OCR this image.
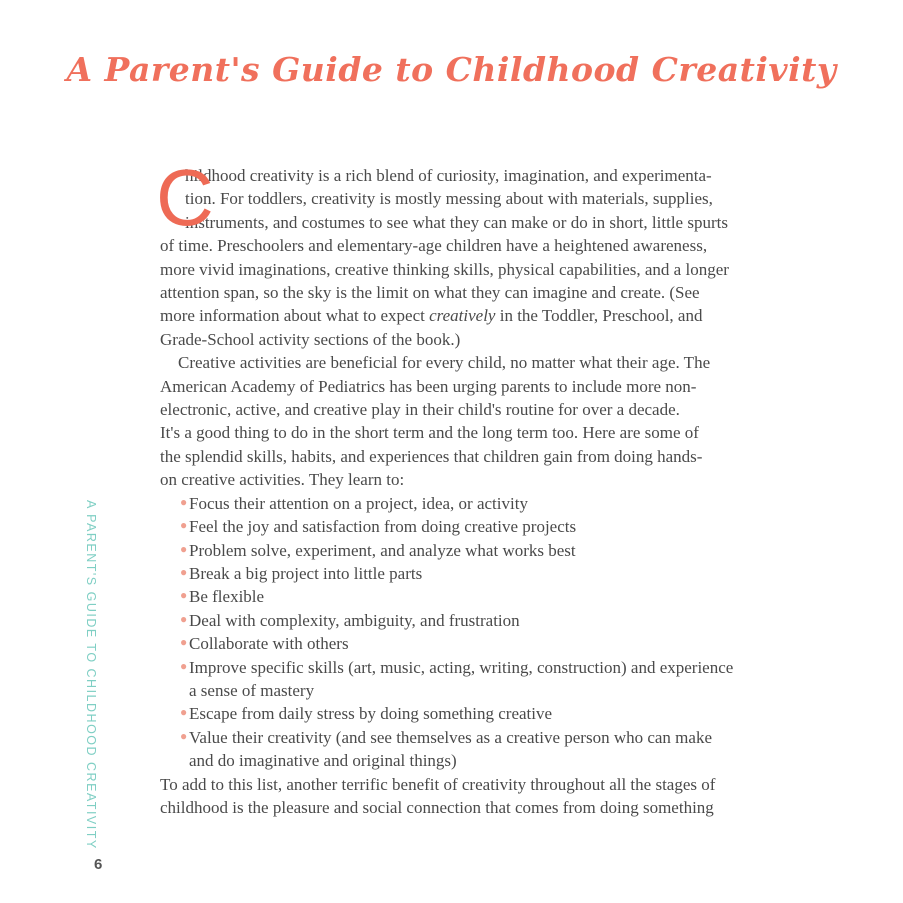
A Parent's Guide to Childhood Creativity
A PARENT'S GUIDE TO CHILDHOOD CREATIVITY
6
C
hildhood creativity is a rich blend of curiosity, imagination, and experimenta-
tion. For toddlers, creativity is mostly messing about with materials, supplies,
instruments, and costumes to see what they can make or do in short, little spurts
of time. Preschoolers and elementary-age children have a heightened awareness,
more vivid imaginations, creative thinking skills, physical capabilities, and a longer
attention span, so the sky is the limit on what they can imagine and create. (See
more information about what to expect creatively in the Toddler, Preschool, and
Grade-School activity sections of the book.)
Creative activities are beneficial for every child, no matter what their age. The
American Academy of Pediatrics has been urging parents to include more non-
electronic, active, and creative play in their child's routine for over a decade.
It's a good thing to do in the short term and the long term too. Here are some of
the splendid skills, habits, and experiences that children gain from doing hands-
on creative activities. They learn to:
● Focus their attention on a project, idea, or activity
● Feel the joy and satisfaction from doing creative projects
● Problem solve, experiment, and analyze what works best
● Break a big project into little parts
● Be flexible
● Deal with complexity, ambiguity, and frustration
● Collaborate with others
● Improve specific skills (art, music, acting, writing, construction) and experience
a sense of mastery
● Escape from daily stress by doing something creative
● Value their creativity (and see themselves as a creative person who can make
and do imaginative and original things)
To add to this list, another terrific benefit of creativity throughout all the stages of
childhood is the pleasure and social connection that comes from doing something
